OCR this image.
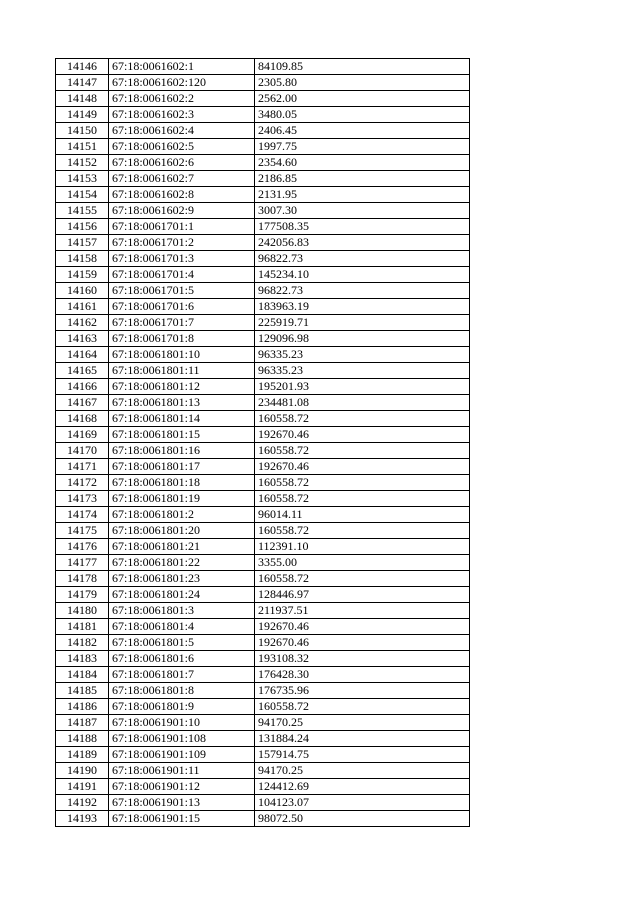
14146	67:18:0061602:1	84109.85
14147	67:18:0061602:120	2305.80
14148	67:18:0061602:2	2562.00
14149	67:18:0061602:3	3480.05
14150	67:18:0061602:4	2406.45
14151	67:18:0061602:5	1997.75
14152	67:18:0061602:6	2354.60
14153	67:18:0061602:7	2186.85
14154	67:18:0061602:8	2131.95
14155	67:18:0061602:9	3007.30
14156	67:18:0061701:1	177508.35
14157	67:18:0061701:2	242056.83
14158	67:18:0061701:3	96822.73
14159	67:18:0061701:4	145234.10
14160	67:18:0061701:5	96822.73
14161	67:18:0061701:6	183963.19
14162	67:18:0061701:7	225919.71
14163	67:18:0061701:8	129096.98
14164	67:18:0061801:10	96335.23
14165	67:18:0061801:11	96335.23
14166	67:18:0061801:12	195201.93
14167	67:18:0061801:13	234481.08
14168	67:18:0061801:14	160558.72
14169	67:18:0061801:15	192670.46
14170	67:18:0061801:16	160558.72
14171	67:18:0061801:17	192670.46
14172	67:18:0061801:18	160558.72
14173	67:18:0061801:19	160558.72
14174	67:18:0061801:2	96014.11
14175	67:18:0061801:20	160558.72
14176	67:18:0061801:21	112391.10
14177	67:18:0061801:22	3355.00
14178	67:18:0061801:23	160558.72
14179	67:18:0061801:24	128446.97
14180	67:18:0061801:3	211937.51
14181	67:18:0061801:4	192670.46
14182	67:18:0061801:5	192670.46
14183	67:18:0061801:6	193108.32
14184	67:18:0061801:7	176428.30
14185	67:18:0061801:8	176735.96
14186	67:18:0061801:9	160558.72
14187	67:18:0061901:10	94170.25
14188	67:18:0061901:108	131884.24
14189	67:18:0061901:109	157914.75
14190	67:18:0061901:11	94170.25
14191	67:18:0061901:12	124412.69
14192	67:18:0061901:13	104123.07
14193	67:18:0061901:15	98072.50
